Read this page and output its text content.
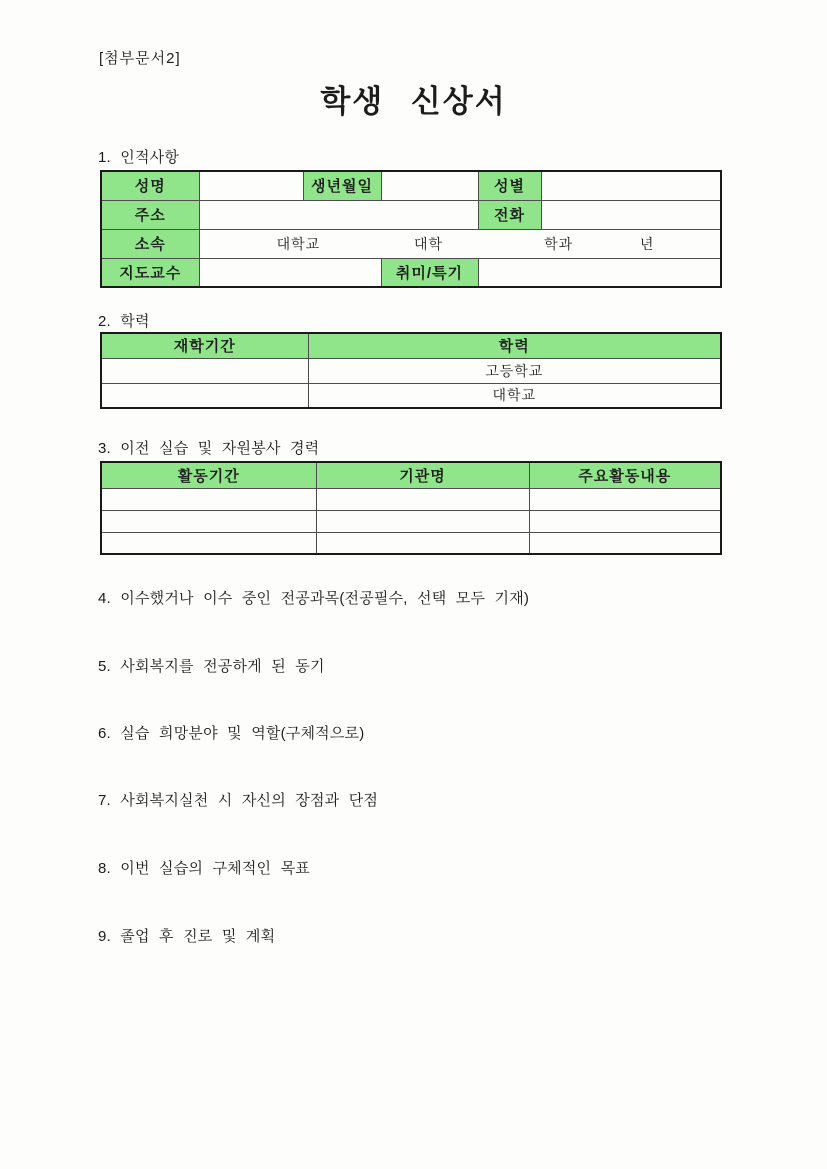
[첨부문서2]
학생 신상서
1. 인적사항
성명		생년월일		성별	
주소				전화	
소속	대학교 대학 학과 년				

지도교수			취미/특기		
2. 학력
재학기간	학력
	고등학교
	대학교
3. 이전 실습 및 자원봉사 경력
활동기간	기관명	주요활동내용

4. 이수했거나 이수 중인 전공과목(전공필수, 선택 모두 기재)
5. 사회복지를 전공하게 된 동기
6. 실습 희망분야 및 역할(구체적으로)
7. 사회복지실천 시 자신의 장점과 단점
8. 이번 실습의 구체적인 목표
9. 졸업 후 진로 및 계획
